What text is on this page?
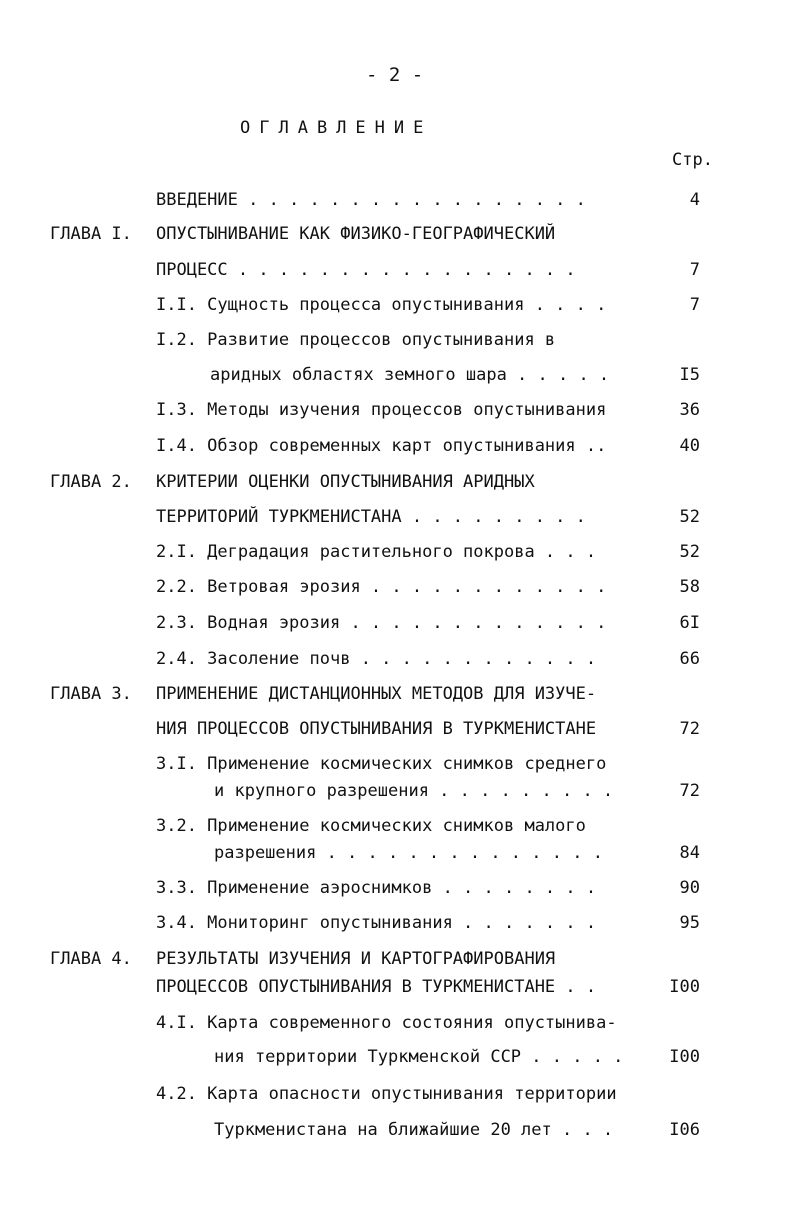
- 2 -
ОГЛАВЛЕНИЕ
Стр.
ВВЕДЕНИЕ . . . . . . . . . . . . . . . . .	4
ГЛАВА I. ОПУСТЫНИВАНИЕ КАК ФИЗИКО-ГЕОГРАФИЧЕСКИЙ
ПРОЦЕСС . . . . . . . . . . . . . . . . .	7
I.I. Сущность процесса опустынивания . . . .	7
I.2. Развитие процессов опустынивания в
аридных областях земного шара . . . . .	I5
I.3. Методы изучения процессов опустынивания	36
I.4. Обзор современных карт опустынивания ..	40
ГЛАВА 2. КРИТЕРИИ ОЦЕНКИ ОПУСТЫНИВАНИЯ АРИДНЫХ
ТЕРРИТОРИЙ ТУРКМЕНИСТАНА . . . . . . . . .	52
2.I. Деградация растительного покрова . . .	52
2.2. Ветровая эрозия . . . . . . . . . . . .	58
2.3. Водная эрозия . . . . . . . . . . . . .	6I
2.4. Засоление почв . . . . . . . . . . . .	66
ГЛАВА 3. ПРИМЕНЕНИЕ ДИСТАНЦИОННЫХ МЕТОДОВ ДЛЯ ИЗУЧЕ-
НИЯ ПРОЦЕССОВ ОПУСТЫНИВАНИЯ В ТУРКМЕНИСТАНЕ	72
3.I. Применение космических снимков среднего
и крупного разрешения . . . . . . . . .	72
3.2. Применение космических снимков малого
разрешения . . . . . . . . . . . . . .	84
3.3. Применение аэроснимков . . . . . . . .	90
3.4. Мониторинг опустынивания . . . . . . .	95
ГЛАВА 4. РЕЗУЛЬТАТЫ ИЗУЧЕНИЯ И КАРТОГРАФИРОВАНИЯ
ПРОЦЕССОВ ОПУСТЫНИВАНИЯ В ТУРКМЕНИСТАНЕ . .	I00
4.I. Карта современного состояния опустынива-
ния территории Туркменской ССР . . . . .	I00
4.2. Карта опасности опустынивания территории
Туркменистана на ближайшие 20 лет . . .	I06
